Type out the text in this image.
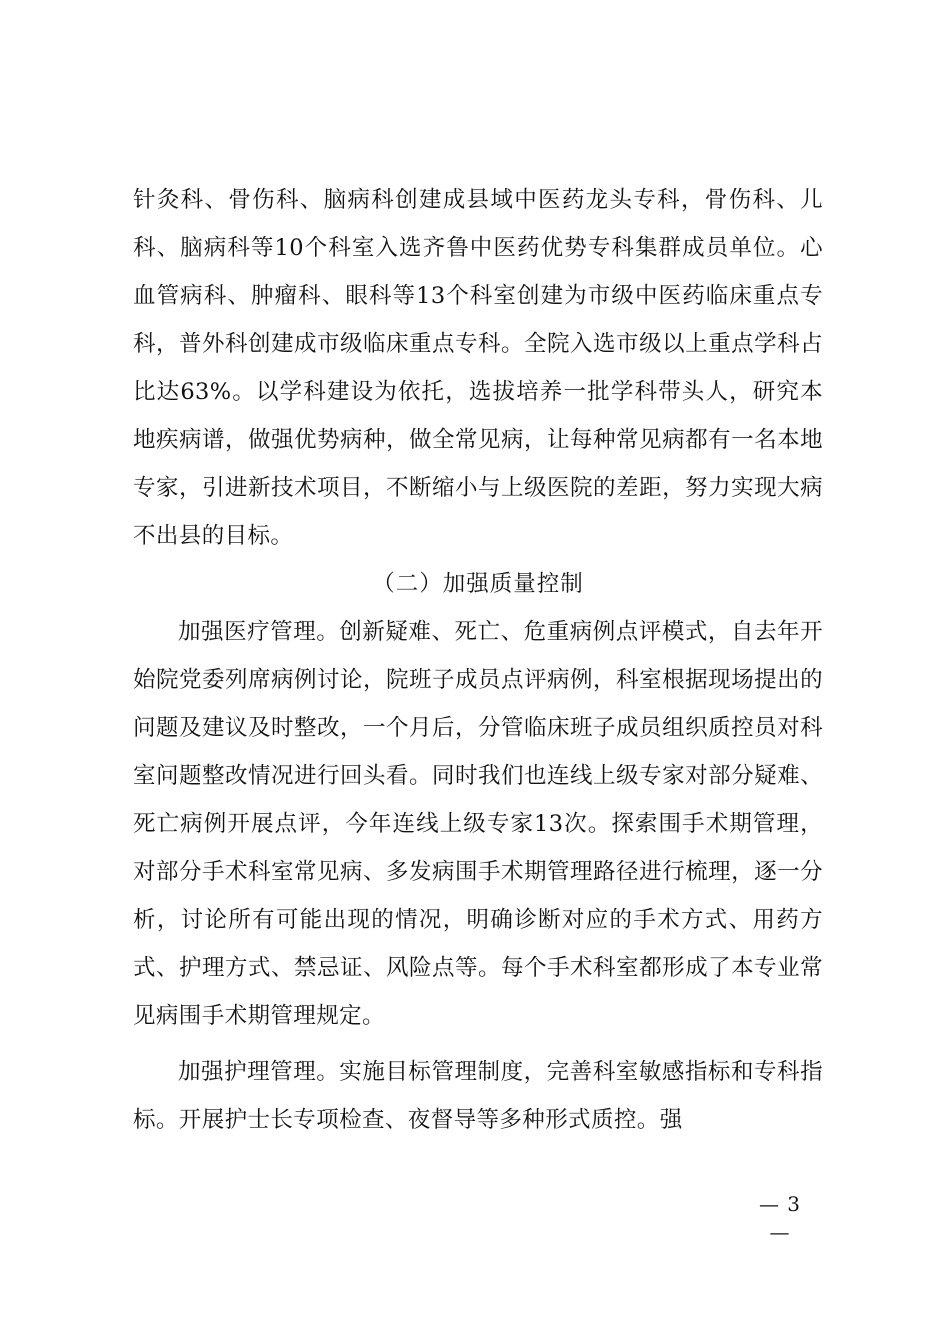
针灸科、骨伤科、脑病科创建成县域中医药龙头专科，骨伤科、儿科、脑病科等10个科室入选齐鲁中医药优势专科集群成员单位。心血管病科、肿瘤科、眼科等13个科室创建为市级中医药临床重点专科，普外科创建成市级临床重点专科。全院入选市级以上重点学科占比达63%。以学科建设为依托，选拔培养一批学科带头人，研究本地疾病谱，做强优势病种，做全常见病，让每种常见病都有一名本地专家，引进新技术项目，不断缩小与上级医院的差距，努力实现大病不出县的目标。

（二）加强质量控制

加强医疗管理。创新疑难、死亡、危重病例点评模式，自去年开始院党委列席病例讨论，院班子成员点评病例，科室根据现场提出的问题及建议及时整改，一个月后，分管临床班子成员组织质控员对科室问题整改情况进行回头看。同时我们也连线上级专家对部分疑难、死亡病例开展点评，今年连线上级专家13次。探索围手术期管理，对部分手术科室常见病、多发病围手术期管理路径进行梳理，逐一分析，讨论所有可能出现的情况，明确诊断对应的手术方式、用药方式、护理方式、禁忌证、风险点等。每个手术科室都形成了本专业常见病围手术期管理规定。

加强护理管理。实施目标管理制度，完善科室敏感指标和专科指标。开展护士长专项检查、夜督导等多种形式质控。强

— 3 —
